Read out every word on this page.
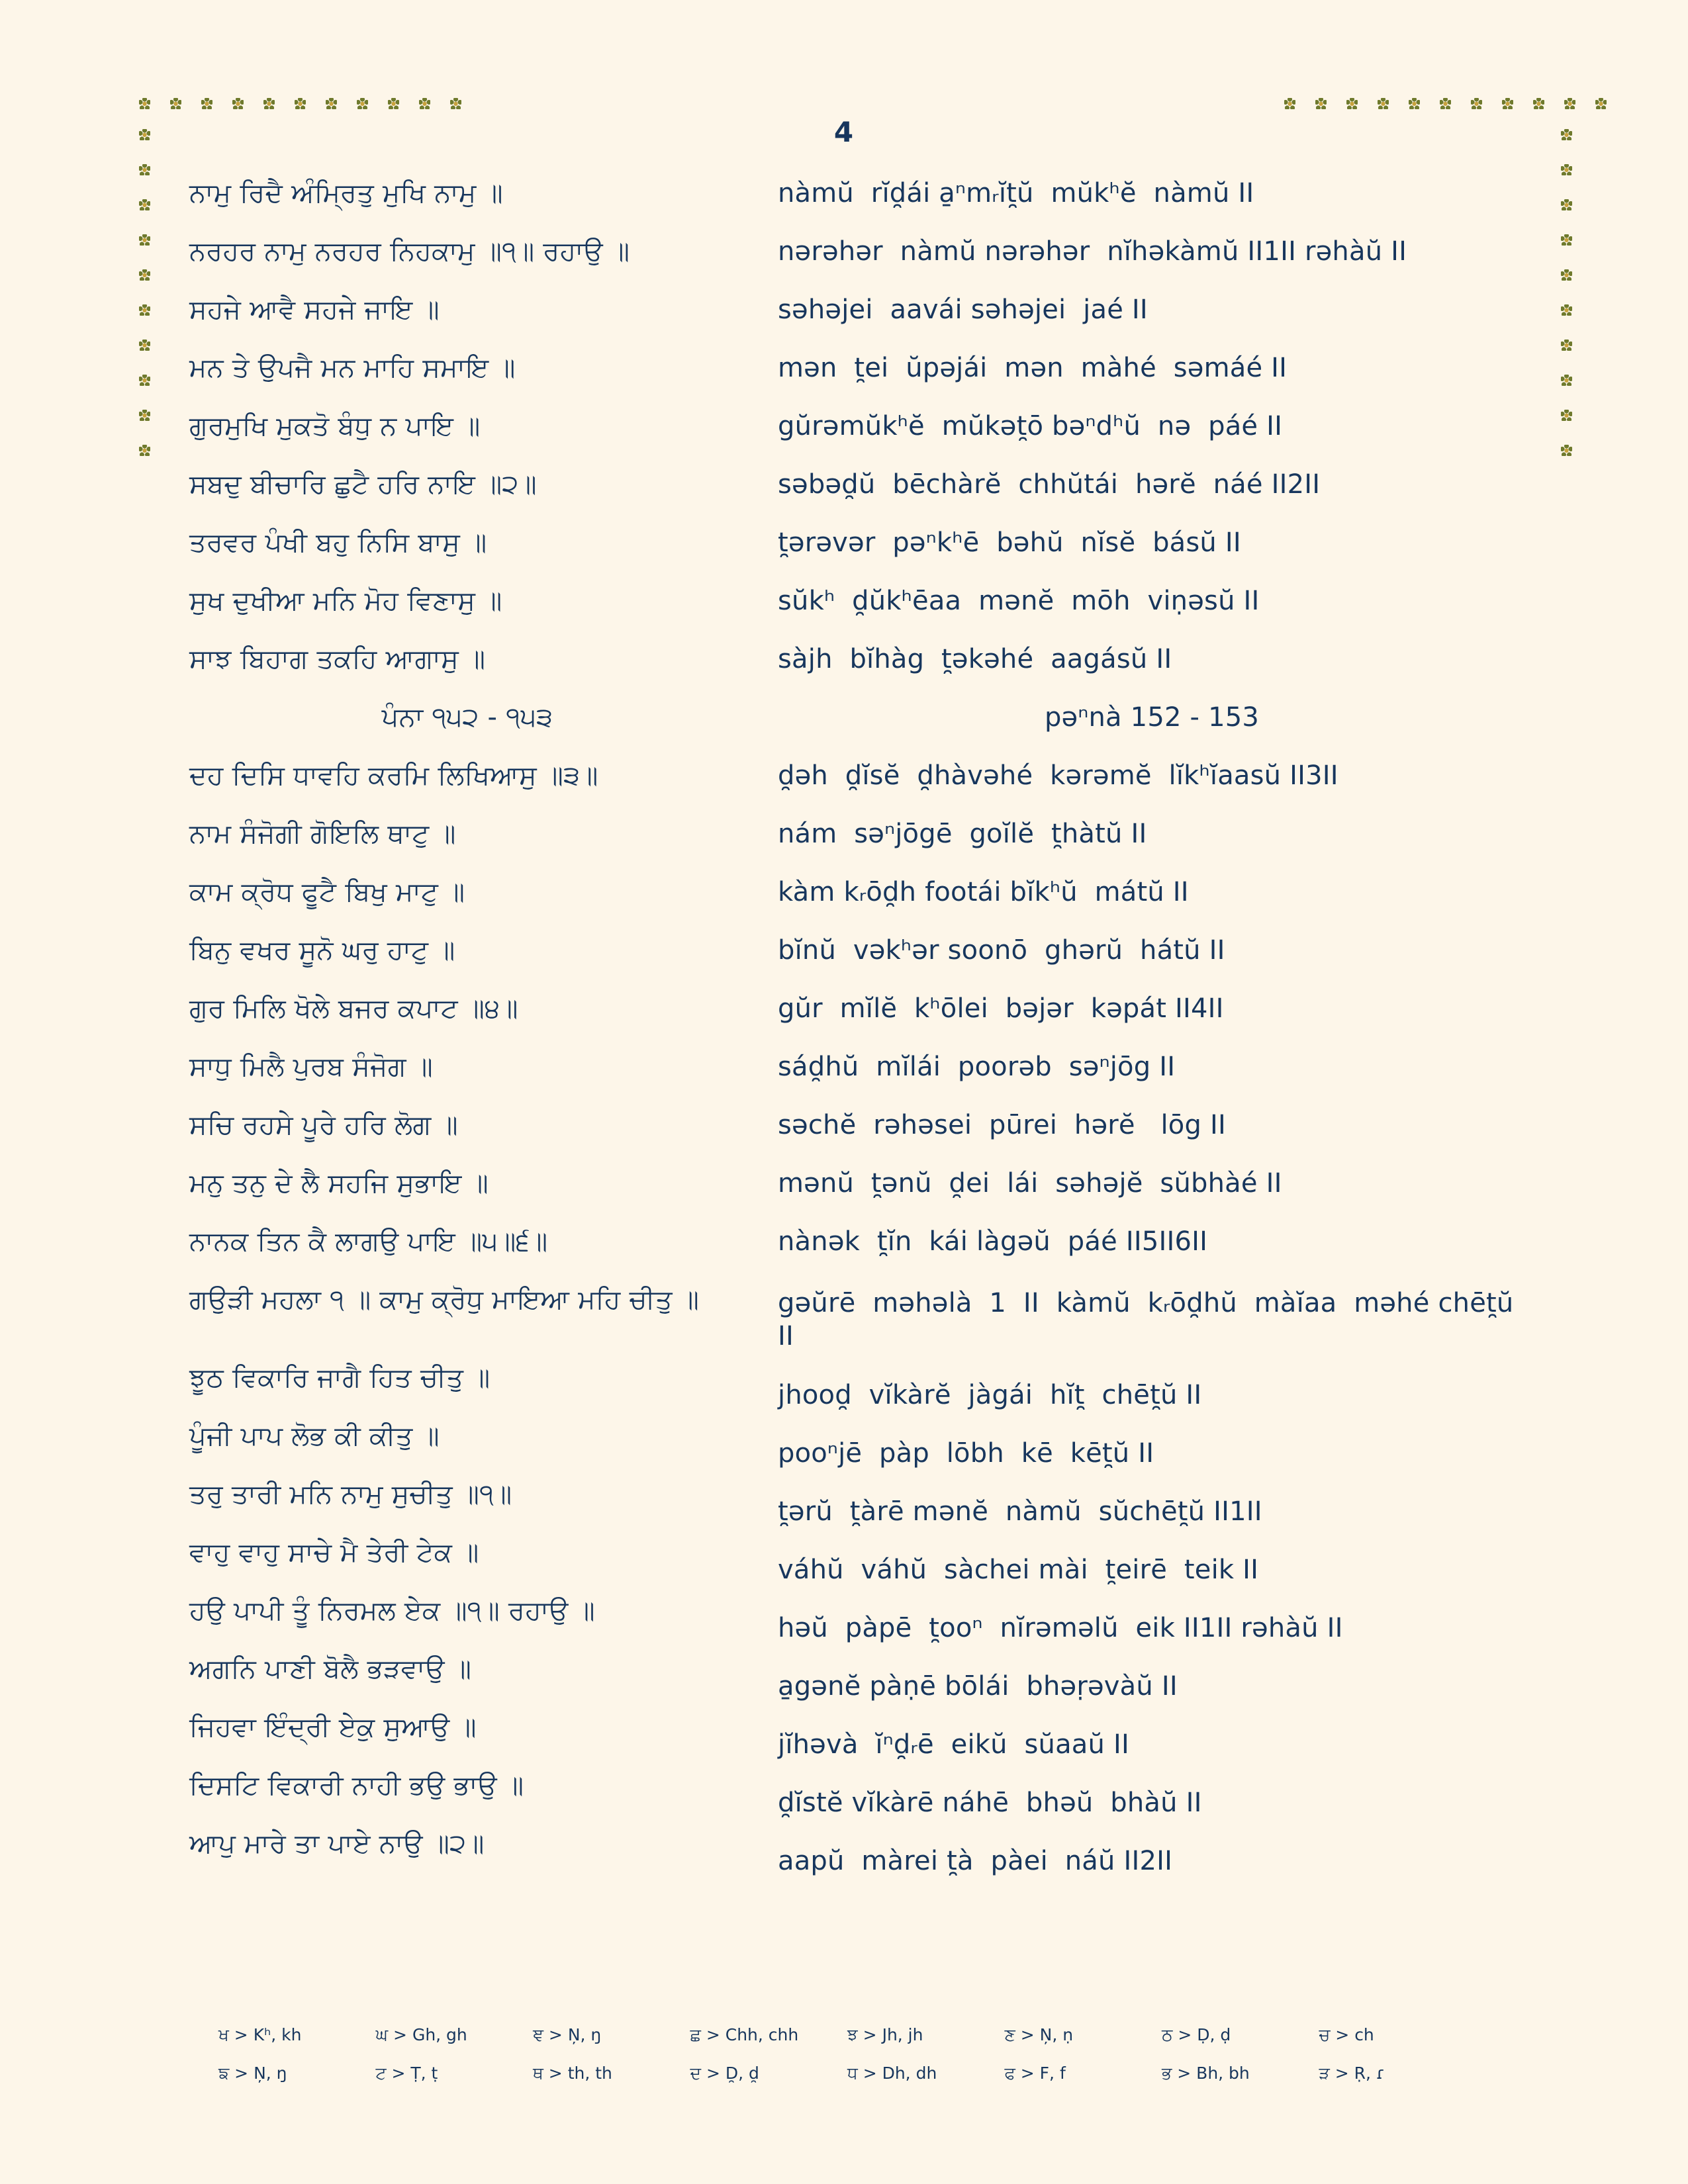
4
ਨਾਮੁ ਰਿਦੈ ਅੰਮ੍ਰਿਤੁ ਮੁਖਿ ਨਾਮੁ ॥
ਨਰਹਰ ਨਾਮੁ ਨਰਹਰ ਨਿਹਕਾਮੁ ॥੧॥ ਰਹਾਉ ॥
ਸਹਜੇ ਆਵੈ ਸਹਜੇ ਜਾਇ ॥
ਮਨ ਤੇ ਉਪਜੈ ਮਨ ਮਾਹਿ ਸਮਾਇ ॥
ਗੁਰਮੁਖਿ ਮੁਕਤੋ ਬੰਧੁ ਨ ਪਾਇ ॥
ਸਬਦੁ ਬੀਚਾਰਿ ਛੁਟੈ ਹਰਿ ਨਾਇ ॥੨॥
ਤਰਵਰ ਪੰਖੀ ਬਹੁ ਨਿਸਿ ਬਾਸੁ ॥
ਸੁਖ ਦੁਖੀਆ ਮਨਿ ਮੋਹ ਵਿਣਾਸੁ ॥
ਸਾਝ ਬਿਹਾਗ ਤਕਹਿ ਆਗਾਸੁ ॥
ਪੰਨਾ ੧੫੨ - ੧੫੩
ਦਹ ਦਿਸਿ ਧਾਵਹਿ ਕਰਮਿ ਲਿਖਿਆਸੁ ॥੩॥
ਨਾਮ ਸੰਜੋਗੀ ਗੋਇਲਿ ਥਾਟੁ ॥
ਕਾਮ ਕ੍ਰੋਧ ਫੂਟੈ ਬਿਖੁ ਮਾਟੁ ॥
ਬਿਨੁ ਵਖਰ ਸੂਨੋ ਘਰੁ ਹਾਟੁ ॥
ਗੁਰ ਮਿਲਿ ਖੋਲੇ ਬਜਰ ਕਪਾਟ ॥੪॥
ਸਾਧੁ ਮਿਲੈ ਪੁਰਬ ਸੰਜੋਗ ॥
ਸਚਿ ਰਹਸੇ ਪੂਰੇ ਹਰਿ ਲੋਗ ॥
ਮਨੁ ਤਨੁ ਦੇ ਲੈ ਸਹਜਿ ਸੁਭਾਇ ॥
ਨਾਨਕ ਤਿਨ ਕੈ ਲਾਗਉ ਪਾਇ ॥੫॥੬॥
ਗਉੜੀ ਮਹਲਾ ੧ ॥ ਕਾਮੁ ਕ੍ਰੋਧੁ ਮਾਇਆ ਮਹਿ ਚੀਤੁ ॥
ਝੂਠ ਵਿਕਾਰਿ ਜਾਗੈ ਹਿਤ ਚੀਤੁ ॥
ਪੂੰਜੀ ਪਾਪ ਲੋਭ ਕੀ ਕੀਤੁ ॥
ਤਰੁ ਤਾਰੀ ਮਨਿ ਨਾਮੁ ਸੁਚੀਤੁ ॥੧॥
ਵਾਹੁ ਵਾਹੁ ਸਾਚੇ ਮੈ ਤੇਰੀ ਟੇਕ ॥
ਹਉ ਪਾਪੀ ਤੂੰ ਨਿਰਮਲ ਏਕ ॥੧॥ ਰਹਾਉ ॥
ਅਗਨਿ ਪਾਣੀ ਬੋਲੈ ਭੜਵਾਉ ॥
ਜਿਹਵਾ ਇੰਦ੍ਰੀ ਏਕੁ ਸੁਆਉ ॥
ਦਿਸਟਿ ਵਿਕਾਰੀ ਨਾਹੀ ਭਉ ਭਾਉ ॥
ਆਪੁ ਮਾਰੇ ਤਾ ਪਾਏ ਨਾਉ ॥੨॥
nàmŭ  rĭd̯ái a̱ⁿmᵣĭt̯ŭ  mŭkʰĕ  nàmŭ II
nərəhər  nàmŭ nərəhər  nĭhəkàmŭ II1II rəhàŭ II
səhəjei  aavái səhəjei  jaé II
mən  t̯ei  ŭpəjái  mən  màhé  səmáé II
gŭrəmŭkʰĕ  mŭkət̯ō bəⁿdʰŭ  nə  páé II
səbəd̯ŭ  bēchàrĕ  chhŭtái  hərĕ  náé II2II
t̯ərəvər  pəⁿkʰē  bəhŭ  nĭsĕ  básŭ II
sŭkʰ  d̯ŭkʰēaa  mənĕ  mōh  viṇəsŭ II
sàjh  bĭhàg  t̯əkəhé  aagásŭ II
pəⁿnà 152 - 153
d̯əh  d̯ĭsĕ  d̯hàvəhé  kərəmĕ  lĭkʰĭaasŭ II3II
nám  səⁿjōgē  goĭlĕ  t̯hàtŭ II
kàm kᵣōd̯h footái bĭkʰŭ  mátŭ II
bĭnŭ  vəkʰər soonō  ghərŭ  hátŭ II
gŭr  mĭlĕ  kʰōlei  bəjər  kəpát II4II
sád̯hŭ  mĭlái  poorəb  səⁿjōg II
səchĕ  rəhəsei  pūrei  hərĕ   lōg II
mənŭ  t̯ənŭ  d̯ei  lái  səhəjĕ  sŭbhàé II
nànək  t̯ĭn  kái làgəŭ  páé II5II6II
gəŭrē  məhəlà  1  II  kàmŭ  kᵣōd̯hŭ  màĭaa  məhé chēt̯ŭ II
jhood̯  vĭkàrĕ  jàgái  hĭt̯  chēt̯ŭ II
pooⁿjē  pàp  lōbh  kē  kēt̯ŭ II
t̯ərŭ  t̯àrē mənĕ  nàmŭ  sŭchēt̯ŭ II1II
váhŭ  váhŭ  sàchei mài  t̯eirē  teik II
həŭ  pàpē  t̯ooⁿ  nĭrəməlŭ  eik II1II rəhàŭ II
a̱gənĕ pàṇē bōlái  bhəṛəvàŭ II
jĭhəvà  ĭⁿd̯ᵣē  eikŭ  sŭaaŭ II
d̯ĭstĕ vĭkàrē náhē  bhəŭ  bhàŭ II
aapŭ  màrei t̯à  pàei  náŭ II2II
ਖ > Kʰ, kh	ਘ > Gh, gh	ਞ > Ņ, ŋ	ਛ > Chh, chh	ਝ > Jh, jh	ਣ > Ņ, ṇ	ਠ > Ḍ, ḍ	ਚ > ch
ਙ > Ņ, ŋ	ਟ > Ṭ, ṭ	ਥ > th, th	ਦ > D̯, d̯	ਧ > Dh, dh	ਫ > F, f	ਭ > Bh, bh	ੜ > Ṛ, ɾ
